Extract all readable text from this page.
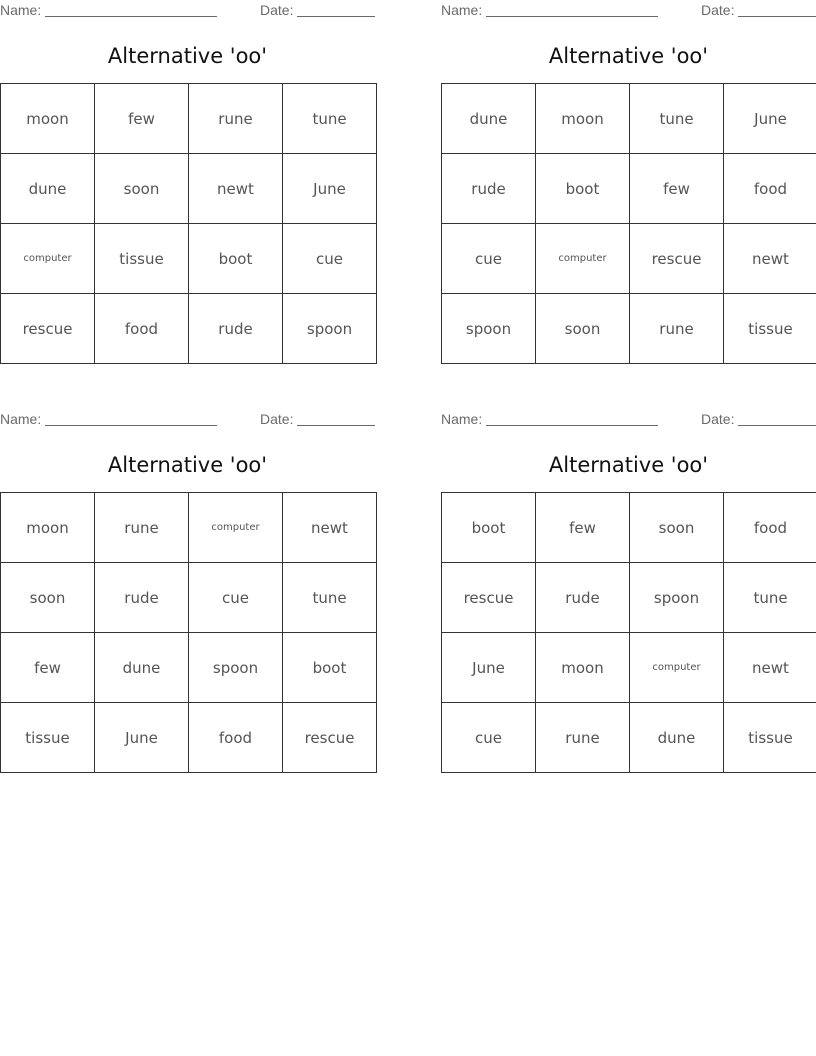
Name:	Date:
Alternative 'oo'
moon	few	rune	tune
dune	soon	newt	June
computer	tissue	boot	cue
rescue	food	rude	spoon
Name:	Date:
Alternative 'oo'
dune	moon	tune	June
rude	boot	few	food
cue	computer	rescue	newt
spoon	soon	rune	tissue
Name:	Date:
Alternative 'oo'
moon	rune	computer	newt
soon	rude	cue	tune
few	dune	spoon	boot
tissue	June	food	rescue
Name:	Date:
Alternative 'oo'
boot	few	soon	food
rescue	rude	spoon	tune
June	moon	computer	newt
cue	rune	dune	tissue
